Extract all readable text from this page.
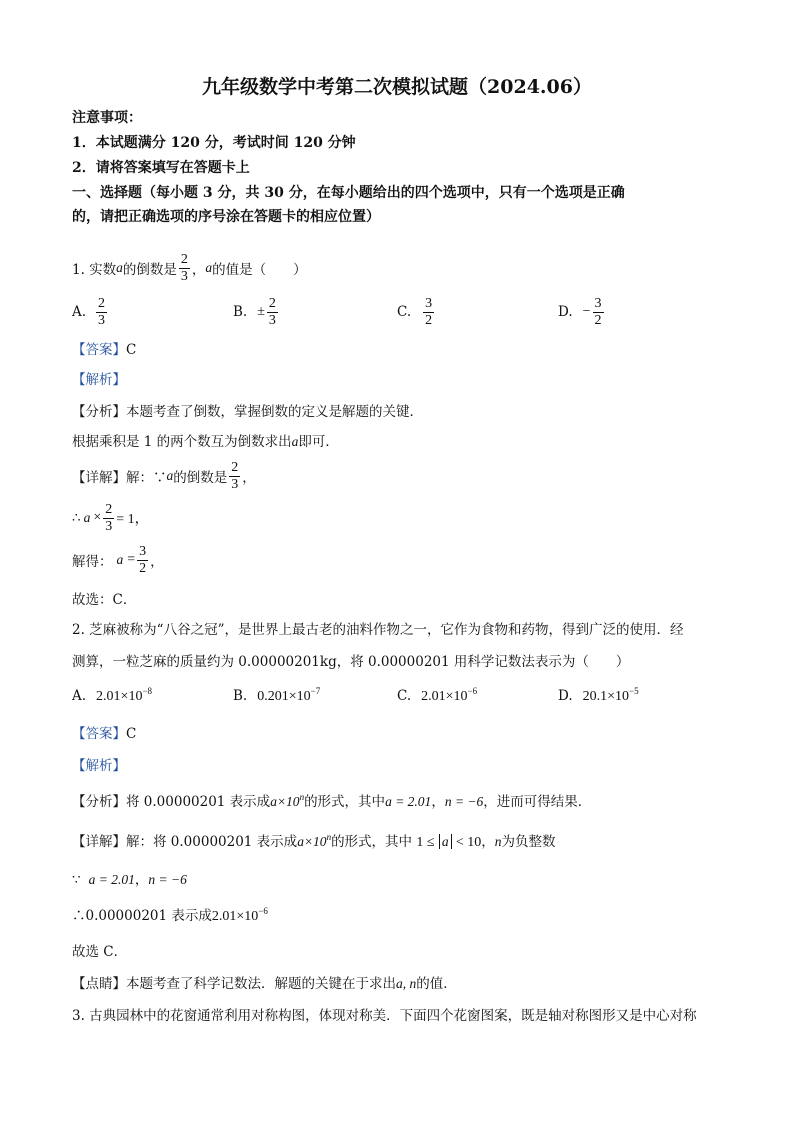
九年级数学中考第二次模拟试题（2024.06）
注意事项：
1．本试题满分 120 分，考试时间 120 分钟
2．请将答案填写在答题卡上
一、选择题（每小题 3 分，共 30 分，在每小题给出的四个选项中，只有一个选项是正确
的，请把正确选项的序号涂在答题卡的相应位置）
1. 实数 a 的倒数是 $\frac{2}{3}$ ， a 的值是（　　）
A. $\frac{2}{3}$	B. ± $\frac{2}{3}$	C. $\frac{3}{2}$	D. − $\frac{3}{2}$
【答案】C
【解析】
【分析】本题考查了倒数，掌握倒数的定义是解题的关键．
根据乘积是 1 的两个数互为倒数求出a即可．
【详解】 解：∵ a 的倒数是 $\frac{2}{3}$ ，
∴ $a \times \frac{2}{3} = 1$，
解得： $a = \frac{3}{2}$ ，
故选：C．
2. 芝麻被称为“八谷之冠”，是世界上最古老的油料作物之一，它作为食物和药物，得到广泛的使用．经
测算，一粒芝麻的质量约为 0.00000201kg，将 0.00000201 用科学记数法表示为（　　）
A. $2.01\times 10^{-8}$	B. $0.201\times 10^{-7}$	C. $2.01\times 10^{-6}$	D. $20.1\times 10^{-5}$
【答案】C
【解析】
【分析】将 0.00000201 表示成$a\times 10^n$的形式，其中a = 2.01，n = −6，进而可得结果．
【详解】解：将 0.00000201 表示成$a\times 10^n$的形式，其中 1 ≤ a < 10，n为负整数
∵ a = 2.01，n = −6
∴0.00000201 表示成$2.01\times 10^{-6}$
故选 C．
【点睛】本题考查了科学记数法．解题的关键在于求出a, n的值．
3. 古典园林中的花窗通常利用对称构图，体现对称美．下面四个花窗图案，既是轴对称图形又是中心对称
